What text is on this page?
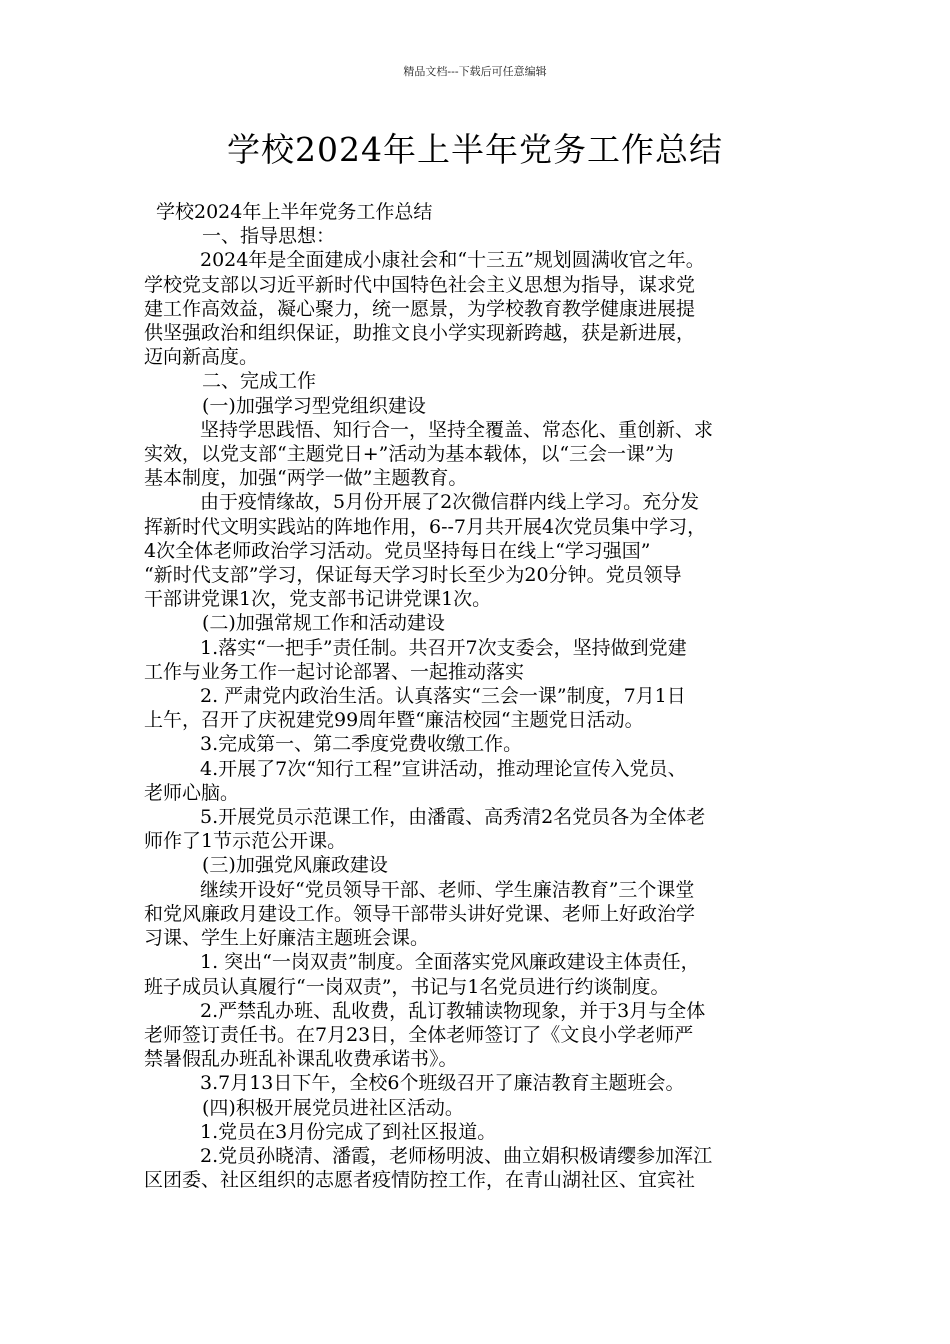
精品文档---下载后可任意编辑
学校2024年上半年党务工作总结
学校2024年上半年党务工作总结
一、指导思想：
2024年是全面建成小康社会和“十三五”规划圆满收官之年。
学校党支部以习近平新时代中国特色社会主义思想为指导，谋求党
建工作高效益，凝心聚力，统一愿景，为学校教育教学健康进展提
供坚强政治和组织保证，助推文良小学实现新跨越，获是新进展，
迈向新高度。
二、完成工作
(一)加强学习型党组织建设
坚持学思践悟、知行合一，坚持全覆盖、常态化、重创新、求
实效，以党支部“主题党日+”活动为基本载体，以“三会一课”为
基本制度，加强“两学一做”主题教育。
由于疫情缘故，5月份开展了2次微信群内线上学习。充分发
挥新时代文明实践站的阵地作用，6--7月共开展4次党员集中学习，
4次全体老师政治学习活动。党员坚持每日在线上“学习强国”
“新时代支部”学习，保证每天学习时长至少为20分钟。党员领导
干部讲党课1次，党支部书记讲党课1次。
(二)加强常规工作和活动建设
1.落实“一把手”责任制。共召开7次支委会，坚持做到党建
工作与业务工作一起讨论部署、一起推动落实
2. 严肃党内政治生活。认真落实“三会一课”制度，7月1日
上午，召开了庆祝建党99周年暨“廉洁校园“主题党日活动。
3.完成第一、第二季度党费收缴工作。
4.开展了7次“知行工程”宣讲活动，推动理论宣传入党员、
老师心脑。
5.开展党员示范课工作，由潘霞、高秀清2名党员各为全体老
师作了1节示范公开课。
(三)加强党风廉政建设
继续开设好“党员领导干部、老师、学生廉洁教育”三个课堂
和党风廉政月建设工作。领导干部带头讲好党课、老师上好政治学
习课、学生上好廉洁主题班会课。
1. 突出“一岗双责”制度。全面落实党风廉政建设主体责任，
班子成员认真履行“一岗双责”，书记与1名党员进行约谈制度。
2.严禁乱办班、乱收费，乱订教辅读物现象，并于3月与全体
老师签订责任书。在7月23日，全体老师签订了《文良小学老师严
禁暑假乱办班乱补课乱收费承诺书》。
3.7月13日下午，全校6个班级召开了廉洁教育主题班会。
(四)积极开展党员进社区活动。
1.党员在3月份完成了到社区报道。
2.党员孙晓清、潘霞，老师杨明波、曲立娟积极请缨参加浑江
区团委、社区组织的志愿者疫情防控工作，在青山湖社区、宜宾社
